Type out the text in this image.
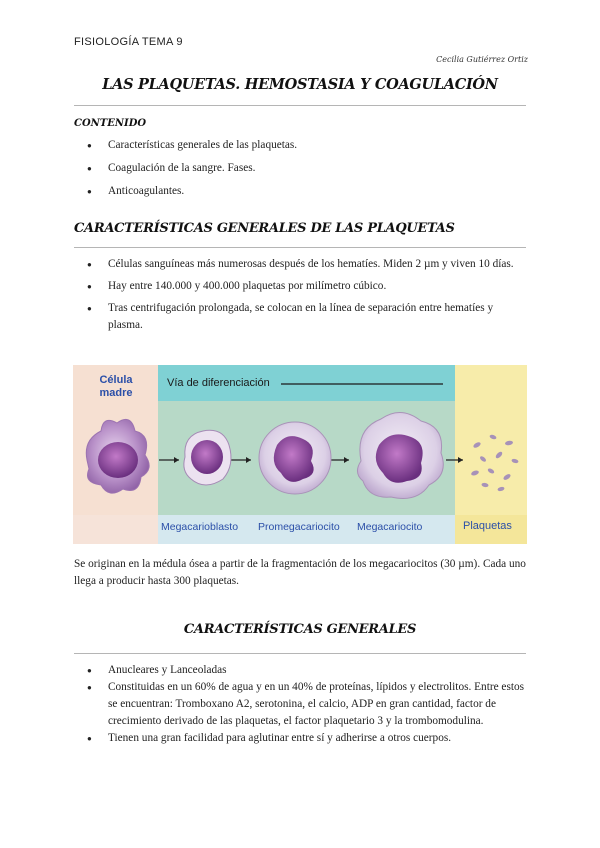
FISIOLOGÍA TEMA 9
Cecilia Gutiérrez Ortiz
LAS PLAQUETAS. HEMOSTASIA Y COAGULACIÓN
CONTENIDO
● Características generales de las plaquetas.
● Coagulación de la sangre. Fases.
● Anticoagulantes.
CARACTERÍSTICAS GENERALES DE LAS PLAQUETAS
● Células sanguíneas más numerosas después de los hematíes. Miden 2 µm y viven 10 días.
● Hay entre 140.000 y 400.000 plaquetas por milímetro cúbico.
● Tras centrifugación prolongada, se colocan en la línea de separación entre hematíes y plasma.
Célula madre
Vía de diferenciación
Megacarioblasto Promegacariocito Megacariocito	Plaquetas
Se originan en la médula ósea a partir de la fragmentación de los megacariocitos (30 µm). Cada uno llega a producir hasta 300 plaquetas.
CARACTERÍSTICAS GENERALES
● Anucleares y Lanceoladas
● Constituidas en un 60% de agua y en un 40% de proteínas, lípidos y electrolitos. Entre estos se encuentran: Tromboxano A2, serotonina, el calcio, ADP en gran cantidad, factor de crecimiento derivado de las plaquetas, el factor plaquetario 3 y la trombomodulina.
● Tienen una gran facilidad para aglutinar entre sí y adherirse a otros cuerpos.
